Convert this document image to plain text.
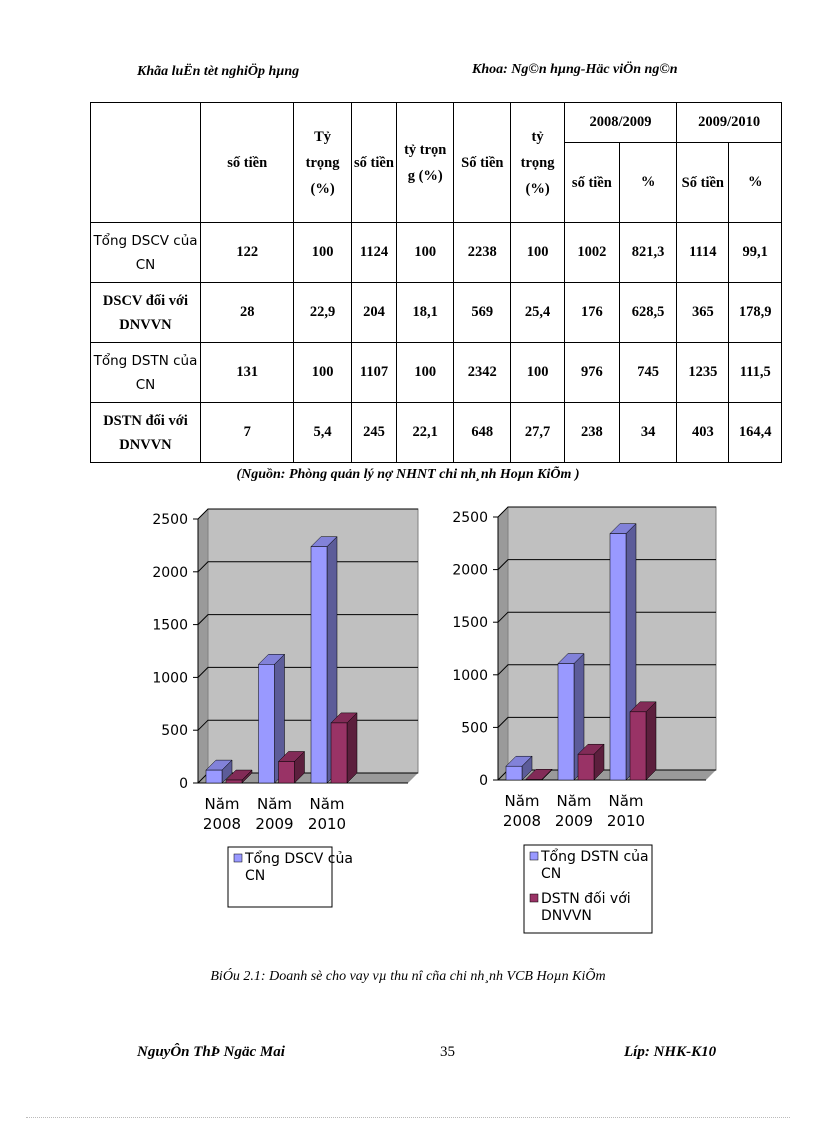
Khãa luËn tèt nghiÖp hµng	Khoa: Ng©n hµng-Häc viÖn ng©n

	số tiền	Tỷ trọng (%)	số tiền	tỷ trọn g (%)	Số tiền	tỷ trọng (%)	2008/2009		2009/2010	

							số tiền	%	Số tiền	%
Tổng DSCV của CN	122	100	1124	100	2238	100	1002	821,3	1114	99,1
DSCV đối với DNVVN	28	22,9	204	18,1	569	25,4	176	628,5	365	178,9
Tổng DSTN của CN	131	100	1107	100	2342	100	976	745	1235	111,5
DSTN đối với DNVVN	7	5,4	245	22,1	648	27,7	238	34	403	164,4
(Nguồn: Phòng quản lý nợ NHNT chi nh¸nh Hoµn KiÕm )
0
500
1000
1500
2000
2500
Năm
2008
Năm
2009
Năm
2010
Tổng DSCV của
CN
0
500
1000
1500
2000
2500
Năm
2008
Năm
2009
Năm
2010
Tổng DSTN của
CN
DSTN đối với
DNVVN
BiÓu 2.1: Doanh sè cho vay vµ thu nî cña chi nh¸nh VCB Hoµn KiÕm
NguyÔn ThÞ Ngäc Mai	35	Líp: NHK-K10
